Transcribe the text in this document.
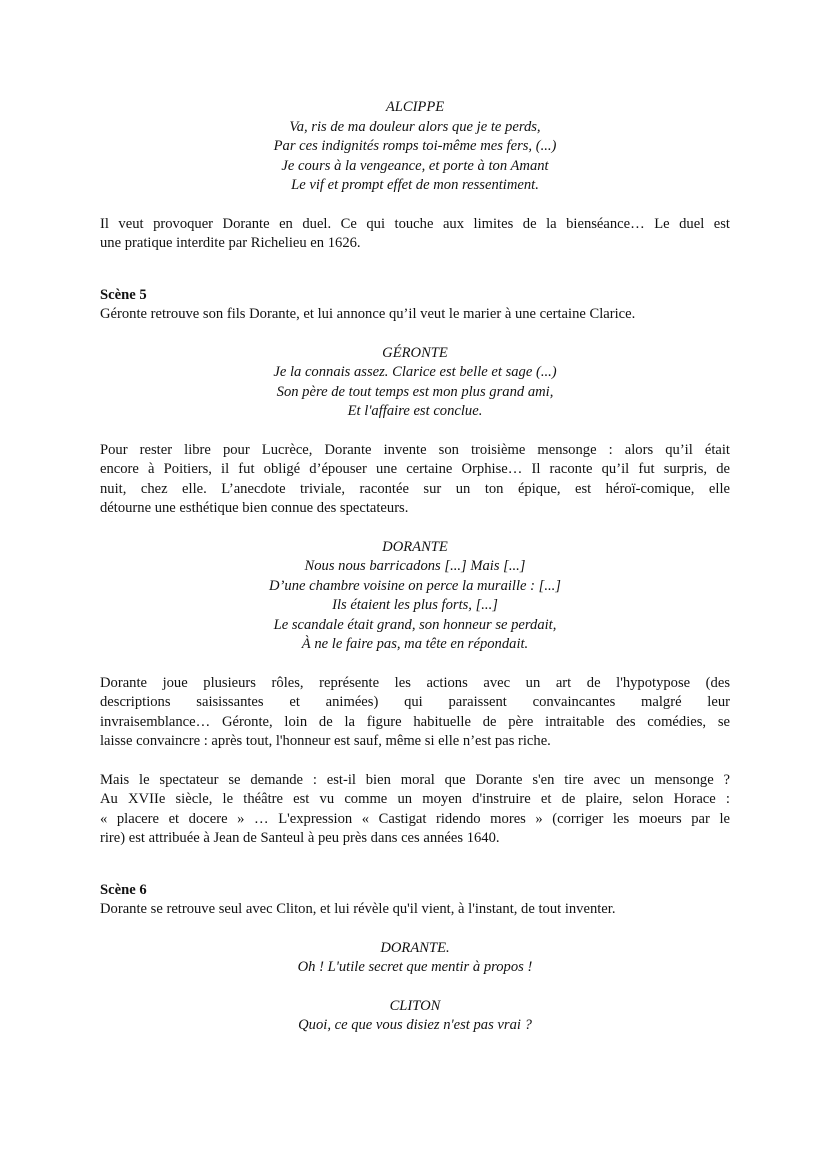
ALCIPPE
Va, ris de ma douleur alors que je te perds,
Par ces indignités romps toi-même mes fers, (...)
Je cours à la vengeance, et porte à ton Amant
Le vif et prompt effet de mon ressentiment.

Il veut provoquer Dorante en duel. Ce qui touche aux limites de la bienséance… Le duel est
une pratique interdite par Richelieu en 1626.

Scène 5
Géronte retrouve son fils Dorante, et lui annonce qu’il veut le marier à une certaine Clarice.
GÉRONTE
Je la connais assez. Clarice est belle et sage (...)
Son père de tout temps est mon plus grand ami,
Et l'affaire est conclue.

Pour rester libre pour Lucrèce, Dorante invente son troisième mensonge : alors qu’il était
encore à Poitiers, il fut obligé d’épouser une certaine Orphise… Il raconte qu’il fut surpris, de
nuit, chez elle. L’anecdote triviale, racontée sur un ton épique, est héroï-comique, elle
détourne une esthétique bien connue des spectateurs.

DORANTE
Nous nous barricadons [...] Mais [...]
D’une chambre voisine on perce la muraille : [...]
Ils étaient les plus forts, [...]
Le scandale était grand, son honneur se perdait,
À ne le faire pas, ma tête en répondait.

Dorante joue plusieurs rôles, représente les actions avec un art de l'hypotypose (des
descriptions saisissantes et animées) qui paraissent convaincantes malgré leur
invraisemblance… Géronte, loin de la figure habituelle de père intraitable des comédies, se
laisse convaincre : après tout, l'honneur est sauf, même si elle n’est pas riche.

Mais le spectateur se demande : est-il bien moral que Dorante s'en tire avec un mensonge ?
Au XVIIe siècle, le théâtre est vu comme un moyen d'instruire et de plaire, selon Horace :
« placere et docere » … L'expression « Castigat ridendo mores » (corriger les moeurs par le
rire) est attribuée à Jean de Santeul à peu près dans ces années 1640.

Scène 6
Dorante se retrouve seul avec Cliton, et lui révèle qu'il vient, à l'instant, de tout inventer.
DORANTE.
Oh ! L'utile secret que mentir à propos !
CLITON
Quoi, ce que vous disiez n'est pas vrai ?
